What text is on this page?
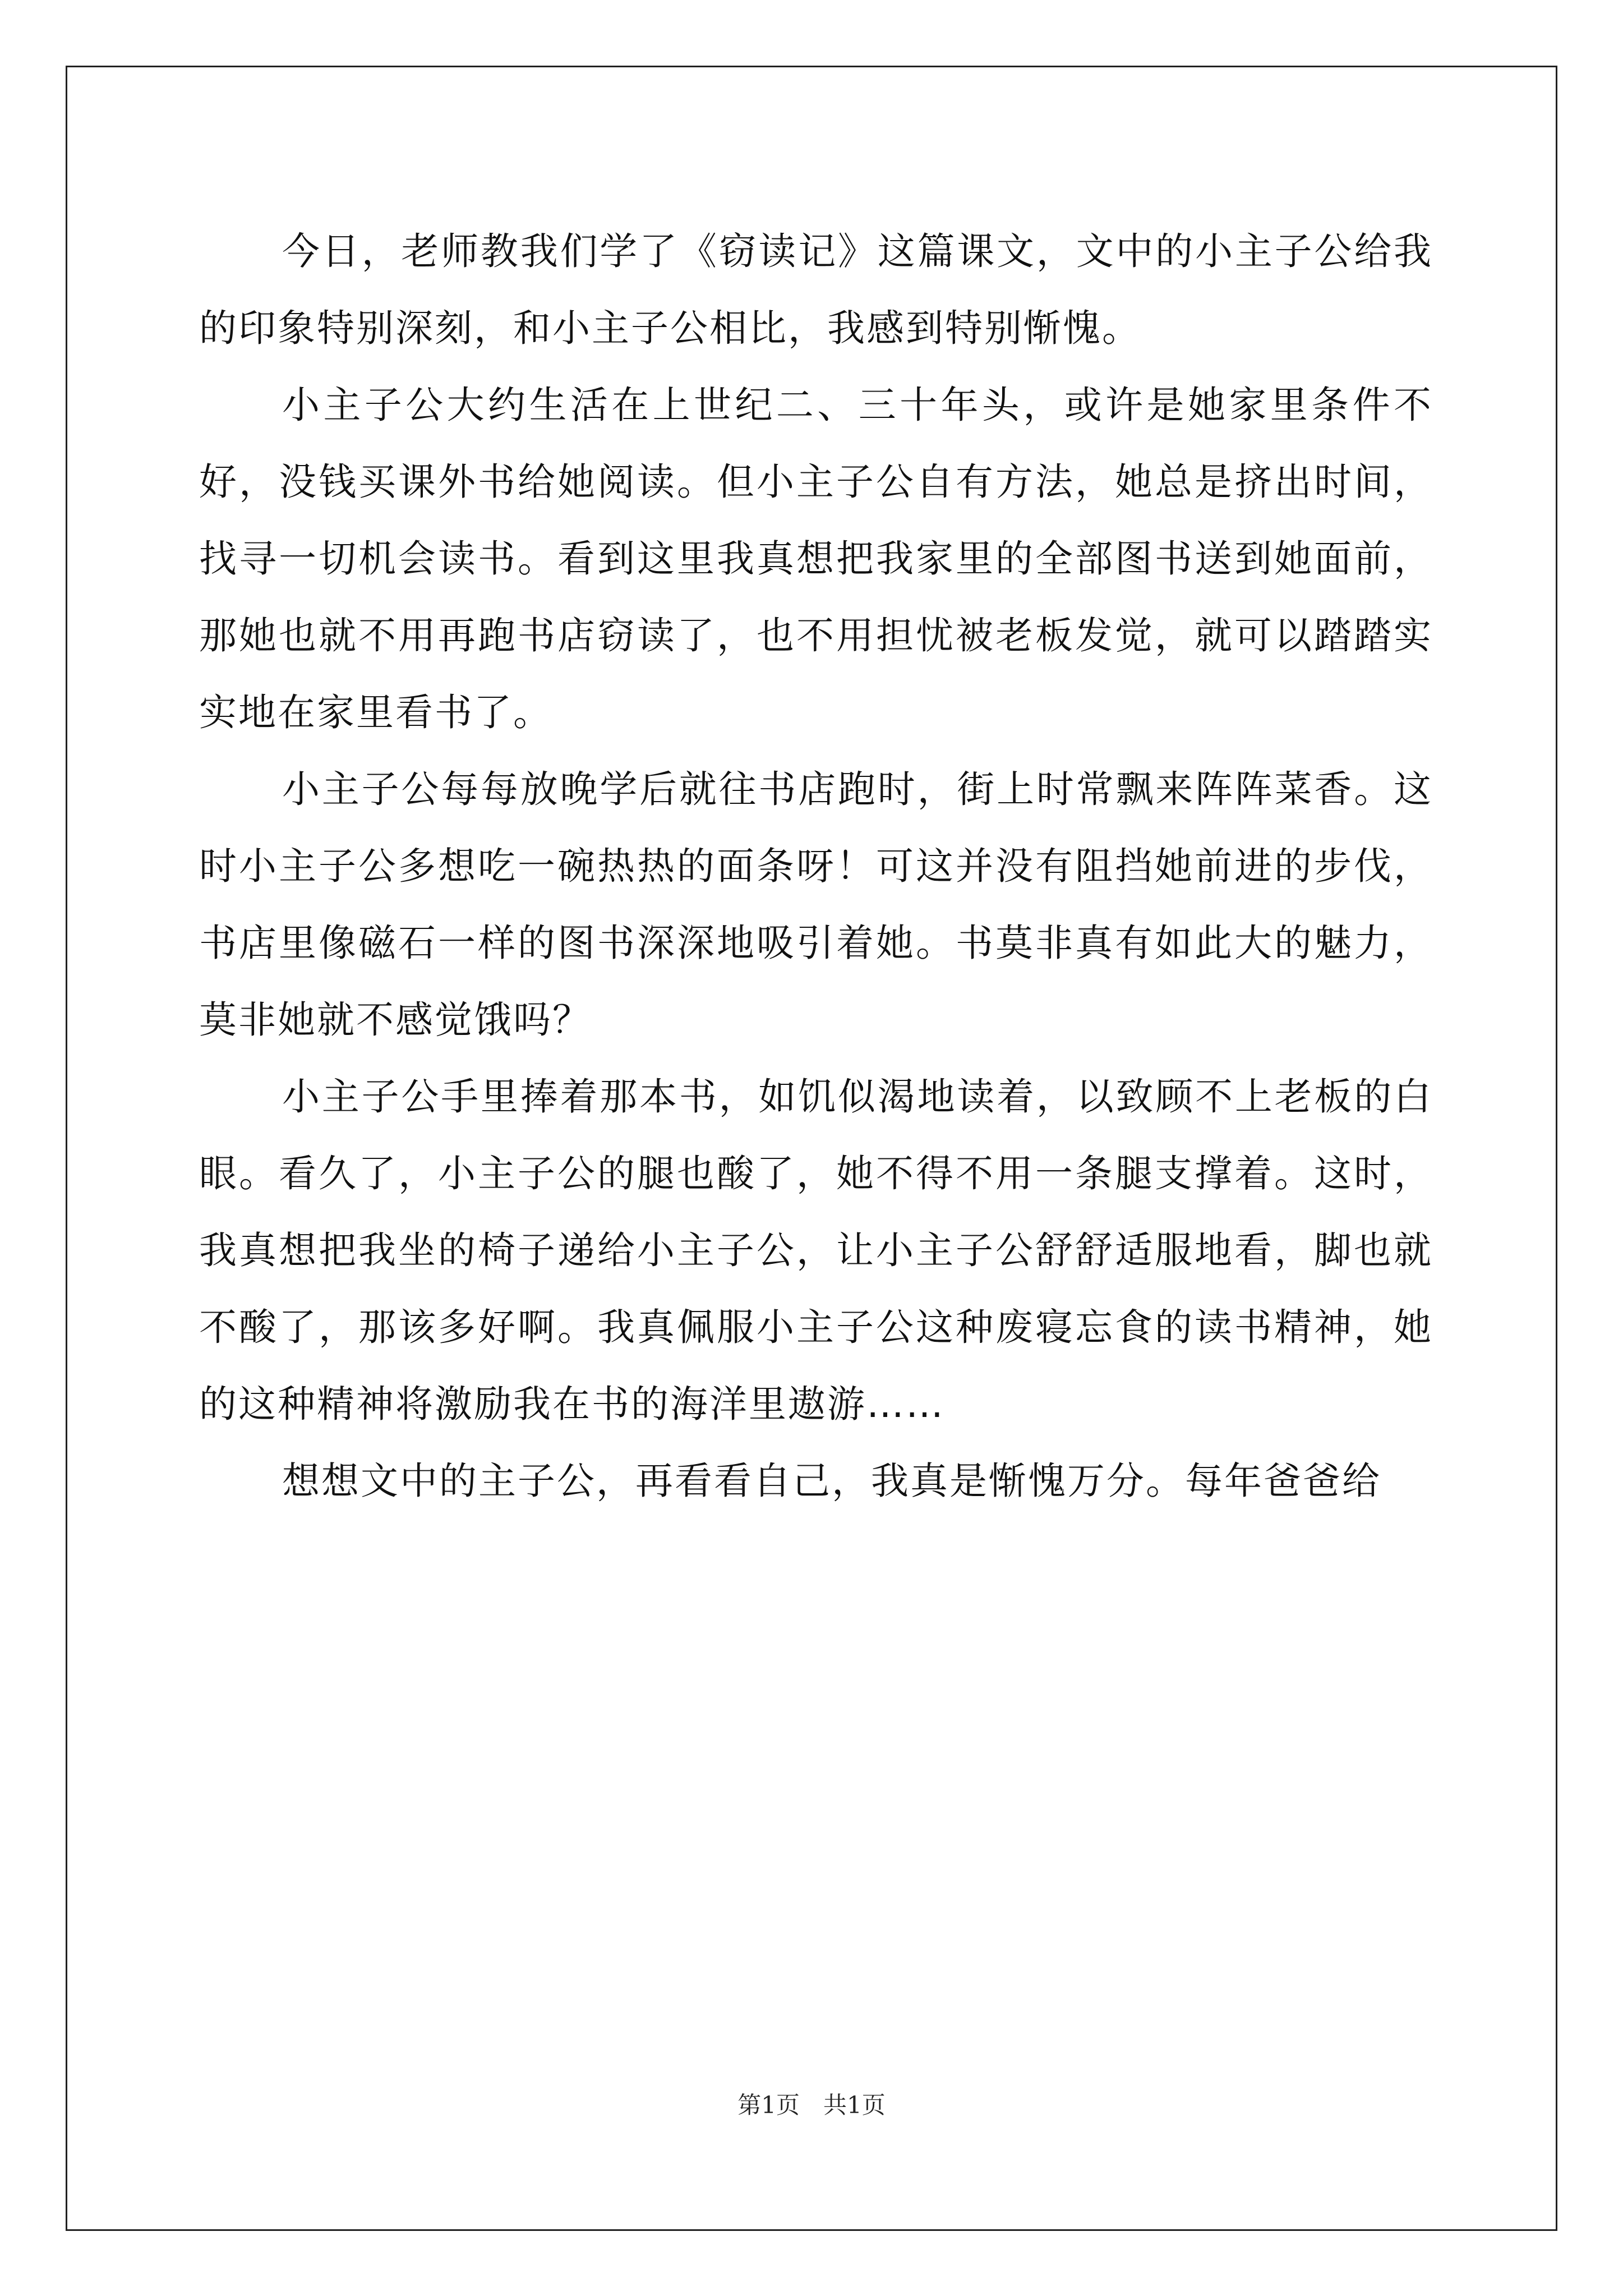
今日，老师教我们学了《窃读记》这篇课文，文中的小主子公给我的印象特别深刻，和小主子公相比，我感到特别惭愧。

小主子公大约生活在上世纪二、三十年头，或许是她家里条件不好，没钱买课外书给她阅读。但小主子公自有方法，她总是挤出时间，找寻一切机会读书。看到这里我真想把我家里的全部图书送到她面前，那她也就不用再跑书店窃读了，也不用担忧被老板发觉，就可以踏踏实实地在家里看书了。

小主子公每每放晚学后就往书店跑时，街上时常飘来阵阵菜香。这时小主子公多想吃一碗热热的面条呀！可这并没有阻挡她前进的步伐，书店里像磁石一样的图书深深地吸引着她。书莫非真有如此大的魅力，莫非她就不感觉饿吗？

小主子公手里捧着那本书，如饥似渴地读着，以致顾不上老板的白眼。看久了，小主子公的腿也酸了，她不得不用一条腿支撑着。这时，我真想把我坐的椅子递给小主子公，让小主子公舒舒适服地看，脚也就不酸了，那该多好啊。我真佩服小主子公这种废寝忘食的读书精神，她的这种精神将激励我在书的海洋里遨游……

想想文中的主子公，再看看自己，我真是惭愧万分。每年爸爸给

第1页　共1页
